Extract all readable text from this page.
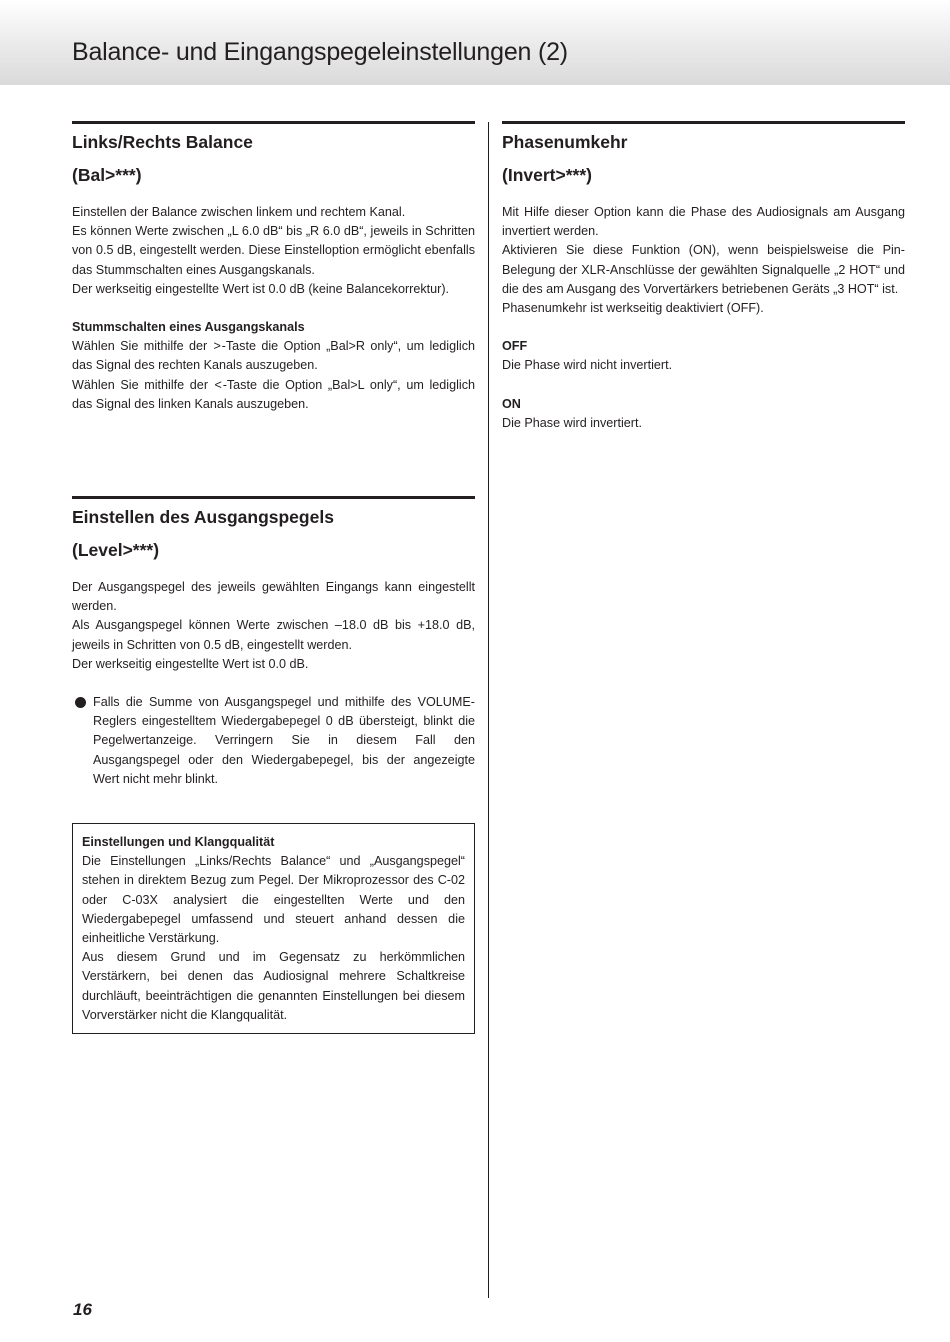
Balance- und Eingangspegeleinstellungen (2)
Links/Rechts Balance
(Bal>***)

Einstellen der Balance zwischen linkem und rechtem Kanal.

Es können Werte zwischen „L 6.0 dB“ bis „R 6.0 dB“, jeweils in Schritten von 0.5 dB, eingestellt werden. Diese Einstelloption ermöglicht ebenfalls das Stummschalten eines Ausgangskanals.

Der werkseitig eingestellte Wert ist 0.0 dB (keine Balancekorrektur).

Stummschalten eines Ausgangskanals

Wählen Sie mithilfe der >-Taste die Option „Bal>R only“, um lediglich das Signal des rechten Kanals auszugeben.

Wählen Sie mithilfe der <-Taste die Option „Bal>L only“, um lediglich das Signal des linken Kanals auszugeben.

Phasenumkehr
(Invert>***)

Mit Hilfe dieser Option kann die Phase des Audiosignals am Ausgang invertiert werden.

Aktivieren Sie diese Funktion (ON), wenn beispielsweise die Pin-Belegung der XLR-Anschlüsse der gewählten Signalquelle „2 HOT“ und die des am Ausgang des Vorvertärkers betriebenen Geräts „3 HOT“ ist.

Phasenumkehr ist werkseitig deaktiviert (OFF).

OFF

Die Phase wird nicht invertiert.

ON

Die Phase wird invertiert.

Einstellen des Ausgangspegels
(Level>***)

Der Ausgangspegel des jeweils gewählten Eingangs kann eingestellt werden.

Als Ausgangspegel können Werte zwischen –18.0 dB bis +18.0 dB, jeweils in Schritten von 0.5 dB, eingestellt werden.

Der werkseitig eingestellte Wert ist 0.0 dB.

Falls die Summe von Ausgangspegel und mithilfe des VOLUME-Reglers eingestelltem Wiedergabepegel 0 dB übersteigt, blinkt die Pegelwertanzeige. Verringern Sie in diesem Fall den Ausgangspegel oder den Wiedergabepegel, bis der angezeigte Wert nicht mehr blinkt.

Einstellungen und Klangqualität

Die Einstellungen „Links/Rechts Balance“ und „Ausgangspegel“ stehen in direktem Bezug zum Pegel. Der Mikroprozessor des C-02 oder C-03X analysiert die eingestellten Werte und den Wiedergabepegel umfassend und steuert anhand dessen die einheitliche Verstärkung.

Aus diesem Grund und im Gegensatz zu herkömmlichen Verstärkern, bei denen das Audiosignal mehrere Schaltkreise durchläuft, beeinträchtigen die genannten Einstellungen bei diesem Vorverstärker nicht die Klangqualität.

16
